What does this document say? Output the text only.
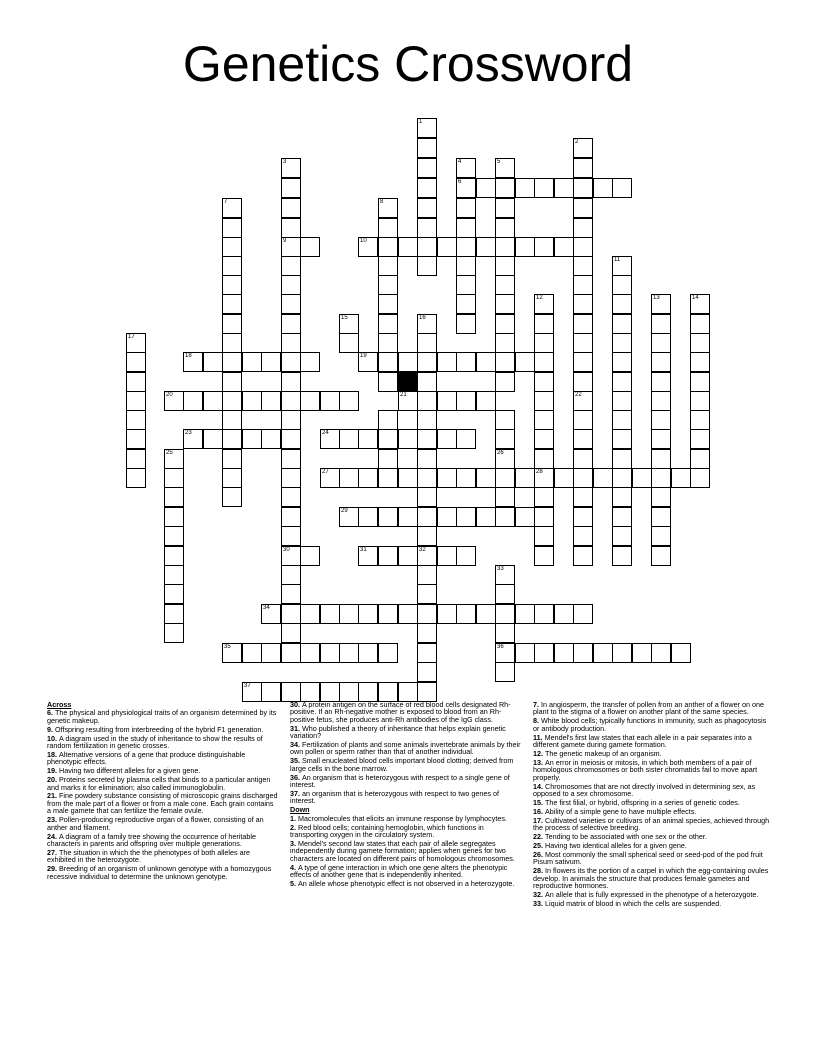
Genetics Crossword
1
2
3
9
4
6
5
7	8
10
11
12	13	14
15	16
17
18	19
20	21	22
23	24
25	26
27	28
29
30	31	32
33
36
34
35
37
Across
6. The physical and physiological traits of an organism determined by its genetic makeup.
9. Offspring resulting from interbreeding of the hybrid F1 generation.
10. A diagram used in the study of inheritance to show the results of random fertilization in genetic crosses.
18. Alternative versions of a gene that produce distinguishable phenotypic effects.
19. Having two different alleles for a given gene.
20. Proteins secreted by plasma cells that binds to a particular antigen and marks it for elimination; also called immunoglobulin.
21. Fine powdery substance consisting of microscopic grains discharged from the male part of a flower or from a male cone. Each grain contains a male gamete that can fertilize the female ovule.
23. Pollen-producing reproductive organ of a flower, consisting of an anther and filament.
24. A diagram of a family tree showing the occurrence of heritable characters in parents and offspring over multiple generations.
27. The situation in which the the phenotypes of both alleles are exhibited in the heterozygote.
29. Breeding of an organism of unknown genotype with a homozygous recessive individual to determine the unknown genotype.
30. A protein antigen on the surface of red blood cells designated Rh-positive. If an Rh-negative mother is exposed to blood from an Rh-positive fetus, she produces anti-Rh antibodies of the IgG class.
31. Who published a theory of inheritance that helps explain genetic variation?
34. Fertilization of plants and some animals invertebrate animals by their own pollen or sperm rather than that of another individual.
35. Small enucleated blood cells important blood clotting; derived from large cells in the bone marrow.
36. An organism that is heterozygous with respect to a single gene of interest.
37. an organism that is heterozygous with respect to two genes of interest.
Down
1. Macromolecules that elicits an immune response by lymphocytes.
2. Red blood cells; containing hemoglobin, which functions in transporting oxygen in the circulatory system.
3. Mendel's second law states that each pair of allele segregates independently during gamete formation; applies when genes for two characters are located on different pairs of homologous chromosomes.
4. A type of gene interaction in which one gene alters the phenotypic effects of another gene that is independently inherited.
5. An allele whose phenotypic effect is not observed in a heterozygote.
7. In angiosperm, the transfer of pollen from an anther of a flower on one plant to the stigma of a flower on another plant of the same species.
8. White blood cells; typically functions in immunity, such as phagocytosis or antibody production.
11. Mendel's first law states that each allele in a pair separates into a different gamete during gamete formation.
12. The genetic makeup of an organism.
13. An error in meiosis or mitosis, in which both members of a pair of homologous chromosomes or both sister chromatids fail to move apart properly.
14. Chromosomes that are not directly involved in determining sex, as opposed to a sex chromosome.
15. The first filial, or hybrid, offspring in a series of genetic codes.
16. Ability of a simple gene to have multiple effects.
17. Cultivated varieties or cultivars of an animal species, achieved through the process of selective breeding.
22. Tending to be associated with one sex or the other.
25. Having two identical alleles for a given gene.
26. Most commonly the small spherical seed or seed-pod of the pod fruit Pisum sativum.
28. In flowers its the portion of a carpel in which the egg-containing ovules develop. In animals the structure that produces female gametes and reproductive hormones.
32. An allele that is fully expressed in the phenotype of a heterozygote.
33. Liquid matrix of blood in which the cells are suspended.
